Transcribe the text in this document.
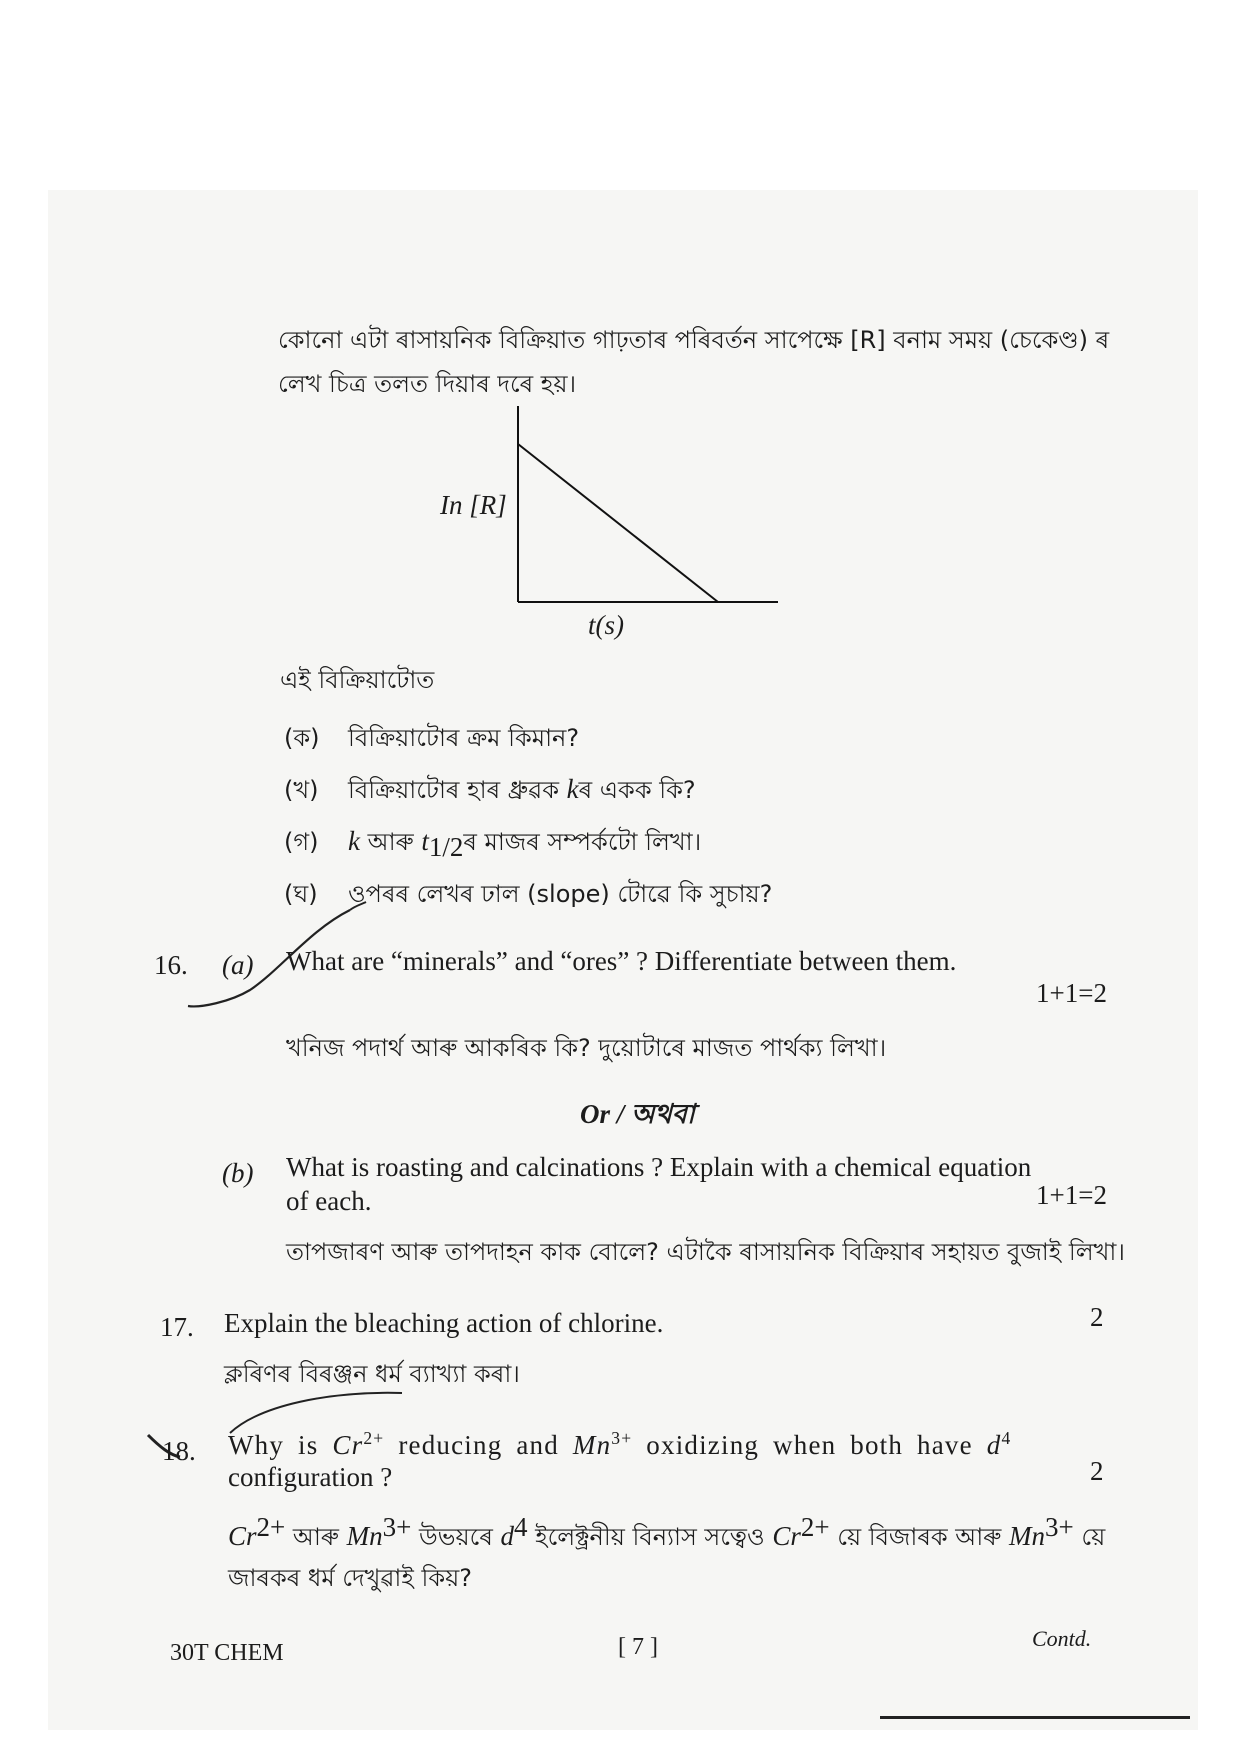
কোনো এটা ৰাসায়নিক বিক্ৰিয়াত গাঢ়তাৰ পৰিবৰ্তন সাপেক্ষে [R] বনাম সময় (চেকেণ্ড) ৰ
লেখ চিত্ৰ তলত দিয়াৰ দৰে হয়।
In [R]
t(s)
এই বিক্ৰিয়াটোত
(ক) বিক্ৰিয়াটোৰ ক্ৰম কিমান?
(খ) বিক্ৰিয়াটোৰ হাৰ ধ্ৰুৱক kৰ একক কি?
(গ) k আৰু $t_{1/2}ৰ$ মাজৰ সম্পৰ্কটো লিখা।
(ঘ) ওপৰৰ লেখৰ ঢাল (slope) টোৱে কি সুচায়?
16. (a) What are “minerals” and “ores” ? Differentiate between them.
1+1=2
খনিজ পদাৰ্থ আৰু আকৰিক কি? দুয়োটাৰে মাজত পাৰ্থক্য লিখা।
Or / অথবা
(b) What is roasting and calcinations ? Explain with a chemical equation
of each.	1+1=2
তাপজাৰণ আৰু তাপদাহন কাক বোলে? এটাকৈ ৰাসায়নিক বিক্ৰিয়াৰ সহায়ত বুজাই লিখা।
17. Explain the bleaching action of chlorine.	2
ক্লৰিণৰ বিৰঞ্জন ধৰ্ম ব্যাখ্যা কৰা।
18. Why is $Cr^{2+}$ reducing and $Mn^{3+}$ oxidizing when both have $d^4$
configuration ?	2
$Cr^{2+}$ আৰু $Mn^{3+}$ উভয়ৰে $d^4$ ইলেক্ট্ৰনীয় বিন্যাস সত্বেও $Cr^{2+}$ য়ে বিজাৰক আৰু $Mn^{3+}$ য়ে
জাৰকৰ ধৰ্ম দেখুৱাই কিয়?
30T CHEM	[ 7 ]	Contd.
